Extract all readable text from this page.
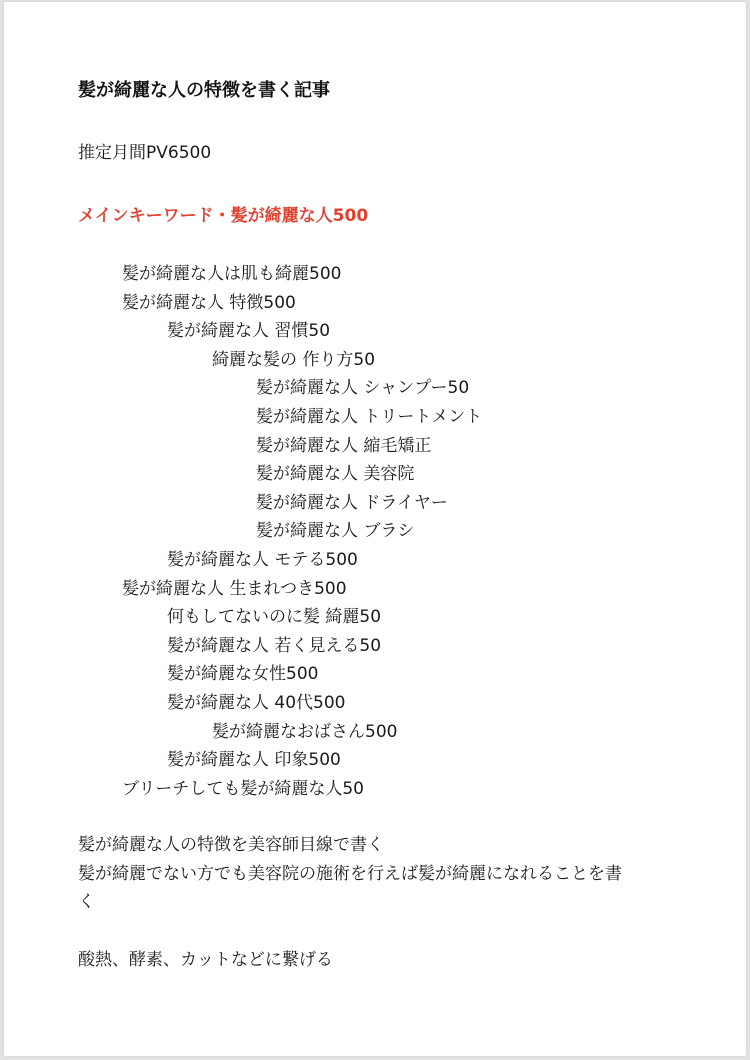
髪が綺麗な人の特徴を書く記事

推定月間PV6500

メインキーワード・髪が綺麗な人500

髪が綺麗な人は肌も綺麗500

髪が綺麗な人 特徴500

髪が綺麗な人 習慣50

綺麗な髪の 作り方50

髪が綺麗な人 シャンプー50

髪が綺麗な人 トリートメント

髪が綺麗な人 縮毛矯正

髪が綺麗な人 美容院

髪が綺麗な人 ドライヤー

髪が綺麗な人 ブラシ

髪が綺麗な人 モテる500

髪が綺麗な人 生まれつき500

何もしてないのに髪 綺麗50

髪が綺麗な人 若く見える50

髪が綺麗な女性500

髪が綺麗な人 40代500

髪が綺麗なおばさん500

髪が綺麗な人 印象500

ブリーチしても髪が綺麗な人50

髪が綺麗な人の特徴を美容師目線で書く

髪が綺麗でない方でも美容院の施術を行えば髪が綺麗になれることを書

く

酸熱、酵素、カットなどに繋げる
